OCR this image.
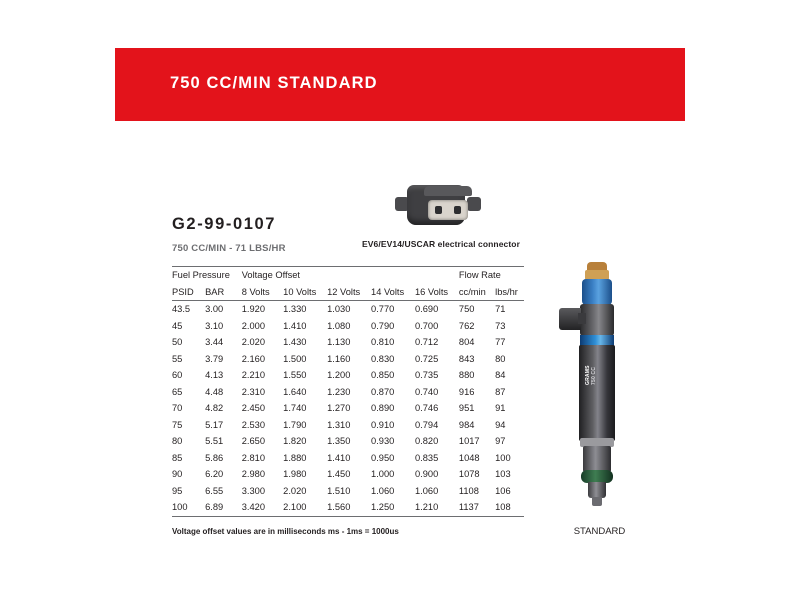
750 CC/MIN STANDARD
G2-99-0107
750 CC/MIN - 71 LBS/HR	EV6/EV14/USCAR electrical connector
Fuel Pressure		Voltage Offset					Flow Rate	
PSID	BAR	8 Volts	10 Volts	12 Volts	14 Volts	16 Volts	cc/min	lbs/hr
43.5	3.00	1.920	1.330	1.030	0.770	0.690	750	71
45	3.10	2.000	1.410	1.080	0.790	0.700	762	73
50	3.44	2.020	1.430	1.130	0.810	0.712	804	77
55	3.79	2.160	1.500	1.160	0.830	0.725	843	80
60	4.13	2.210	1.550	1.200	0.850	0.735	880	84
65	4.48	2.310	1.640	1.230	0.870	0.740	916	87
70	4.82	2.450	1.740	1.270	0.890	0.746	951	91
75	5.17	2.530	1.790	1.310	0.910	0.794	984	94
80	5.51	2.650	1.820	1.350	0.930	0.820	1017	97
85	5.86	2.810	1.880	1.410	0.950	0.835	1048	100
90	6.20	2.980	1.980	1.450	1.000	0.900	1078	103
95	6.55	3.300	2.020	1.510	1.060	1.060	1108	106
100	6.89	3.420	2.100	1.560	1.250	1.210	1137	108
Voltage offset values are in milliseconds ms - 1ms = 1000us
GRAMS 750 CC
STANDARD
